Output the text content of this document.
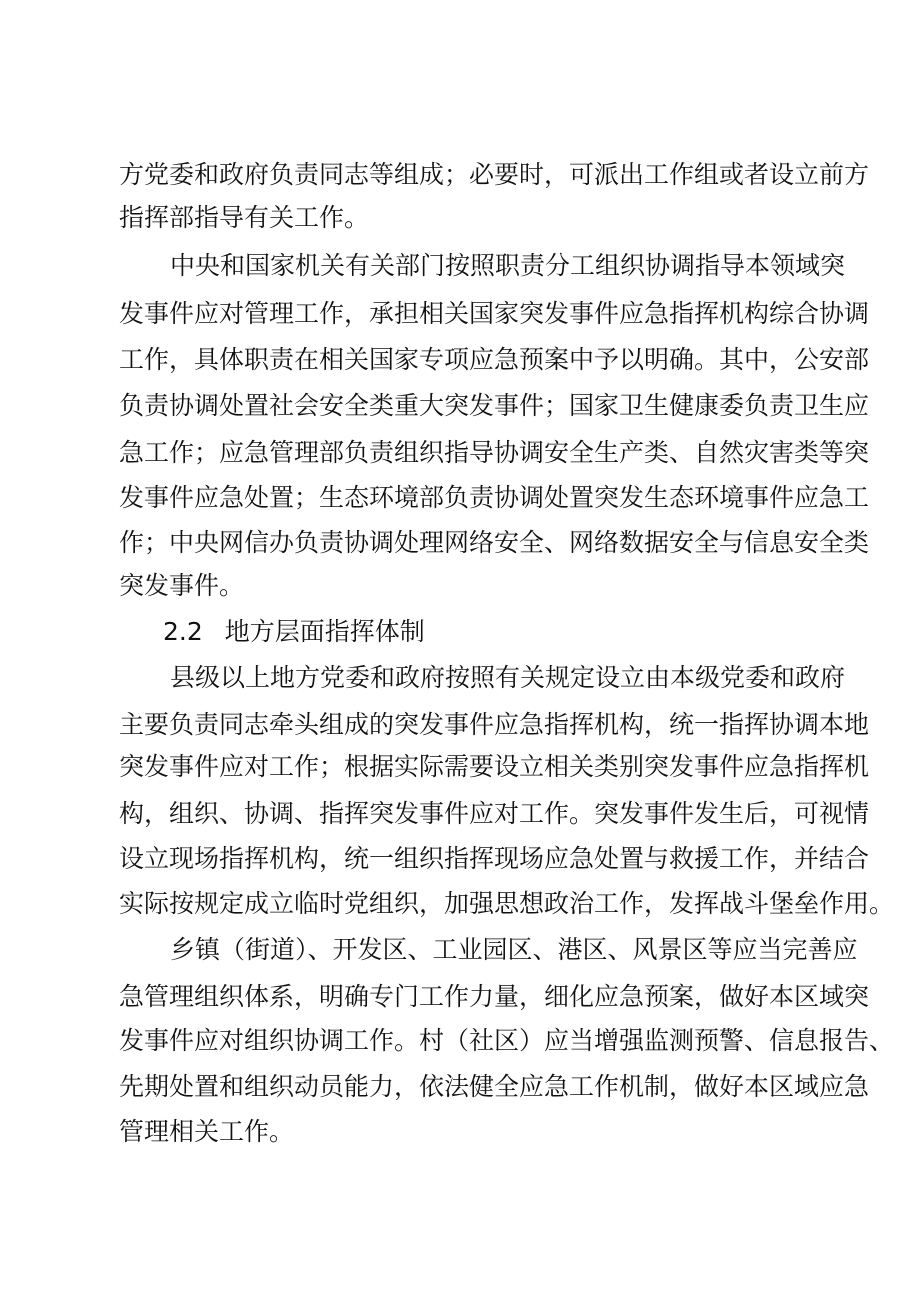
方党委和政府负责同志等组成；必要时，可派出工作组或者设立前方
指挥部指导有关工作。
中央和国家机关有关部门按照职责分工组织协调指导本领域突
发事件应对管理工作，承担相关国家突发事件应急指挥机构综合协调
工作，具体职责在相关国家专项应急预案中予以明确。其中，公安部
负责协调处置社会安全类重大突发事件；国家卫生健康委负责卫生应
急工作；应急管理部负责组织指导协调安全生产类、自然灾害类等突
发事件应急处置；生态环境部负责协调处置突发生态环境事件应急工
作；中央网信办负责协调处理网络安全、网络数据安全与信息安全类
突发事件。
2.2 地方层面指挥体制
县级以上地方党委和政府按照有关规定设立由本级党委和政府
主要负责同志牵头组成的突发事件应急指挥机构，统一指挥协调本地
突发事件应对工作；根据实际需要设立相关类别突发事件应急指挥机
构，组织、协调、指挥突发事件应对工作。突发事件发生后，可视情
设立现场指挥机构，统一组织指挥现场应急处置与救援工作，并结合
实际按规定成立临时党组织，加强思想政治工作，发挥战斗堡垒作用。
乡镇（街道）、开发区、工业园区、港区、风景区等应当完善应
急管理组织体系，明确专门工作力量，细化应急预案，做好本区域突
发事件应对组织协调工作。村（社区）应当增强监测预警、信息报告、
先期处置和组织动员能力，依法健全应急工作机制，做好本区域应急
管理相关工作。
